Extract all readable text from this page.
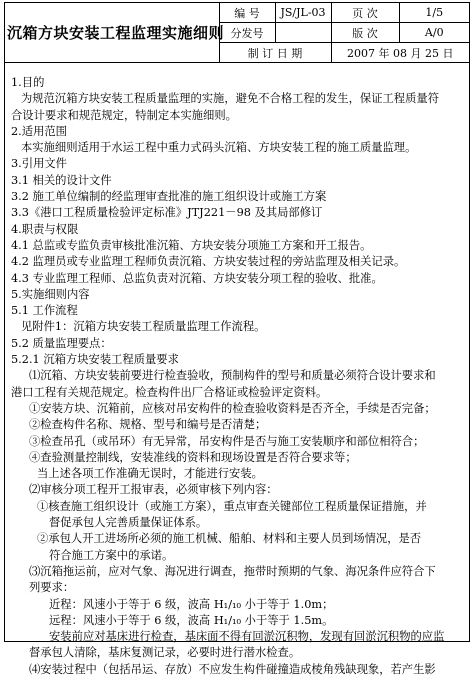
沉箱方块安装工程监理实施细则	编 号	JS/JL-03	页 次	1/5
	分发号		版 次	A/0
	制 订 日 期		2007 年 08 月 25 日	
1.目的
为规范沉箱方块安装工程质量监理的实施，避免不合格工程的发生，保证工程质量符
合设计要求和规范规定，特制定本实施细则。
2.适用范围
本实施细则适用于水运工程中重力式码头沉箱、方块安装工程的施工质量监理。
3.引用文件
3.1 相关的设计文件
3.2 施工单位编制的经监理审查批准的施工组织设计或施工方案
3.3《港口工程质量检验评定标准》JTJ221－98 及其局部修订
4.职责与权限
4.1 总监或专监负责审核批准沉箱、方块安装分项施工方案和开工报告。
4.2 监理员或专业监理工程师负责沉箱、方块安装过程的旁站监理及相关记录。
4.3 专业监理工程师、总监负责对沉箱、方块安装分项工程的验收、批准。
5.实施细则内容
5.1 工作流程
见附件1：沉箱方块安装工程质量监理工作流程。
5.2 质量监理要点：
5.2.1 沉箱方块安装工程质量要求
⑴沉箱、方块安装前要进行检查验收，预制构件的型号和质量必须符合设计要求和
港口工程有关规范规定。检查构件出厂合格证或检验评定资料。
①安装方块、沉箱前，应核对吊安构件的检查验收资料是否齐全，手续是否完备；
②检查构件名称、规格、型号和编号是否清楚；
③检查吊孔（或吊环）有无异常，吊安构件是否与施工安装顺序和部位相符合；
④查验测量控制线，安装准线的资料和现场设置是否符合要求等；
当上述各项工作准确无误时，才能进行安装。
⑵审核分项工程开工报审表，必须审核下列内容：
①核查施工组织设计（或施工方案），重点审查关键部位工程质量保证措施，并
督促承包人完善质量保证体系。
②承包人开工进场所必须的施工机械、船舶、材料和主要人员到场情况，是否
符合施工方案中的承诺。
⑶沉箱拖运前，应对气象、海况进行调查，拖带时预期的气象、海况条件应符合下
列要求：
近程：风速小于等于 6 级，波高 H₁/₁₀ 小于等于 1.0m；
远程：风速小于等于 6 级，波高 H₁/₁₀ 小于等于 1.5m。
安装前应对基床进行检查，基床面不得有回淤沉积物，发现有回淤沉积物的应监
督承包人清除，基床复测记录，必要时进行潜水检查。
⑷安装过程中（包括吊运、存放）不应发生构件碰撞造成棱角残缺现象，若产生影
